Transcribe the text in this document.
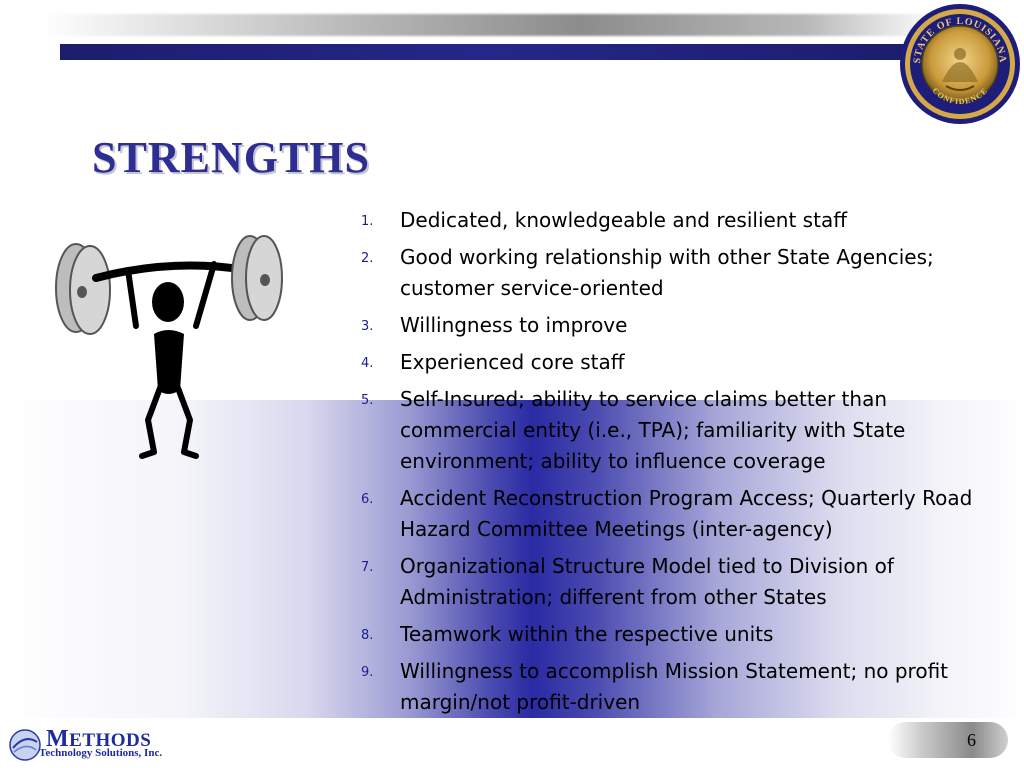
STATE OF LOUISIANA
CONFIDENCE
STRENGTHS
1. Dedicated, knowledgeable and resilient staff
2. Good working relationship with other State Agencies; customer service-oriented
3. Willingness to improve
4. Experienced core staff
5. Self-Insured; ability to service claims better than commercial entity (i.e., TPA); familiarity with State environment; ability to influence coverage
6. Accident Reconstruction Program Access; Quarterly Road Hazard Committee Meetings (inter-agency)
7. Organizational Structure Model tied to Division of Administration; different from other States
8. Teamwork within the respective units
9. Willingness to accomplish Mission Statement; no profit margin/not profit-driven
METHODS
Technology Solutions, Inc.
6
